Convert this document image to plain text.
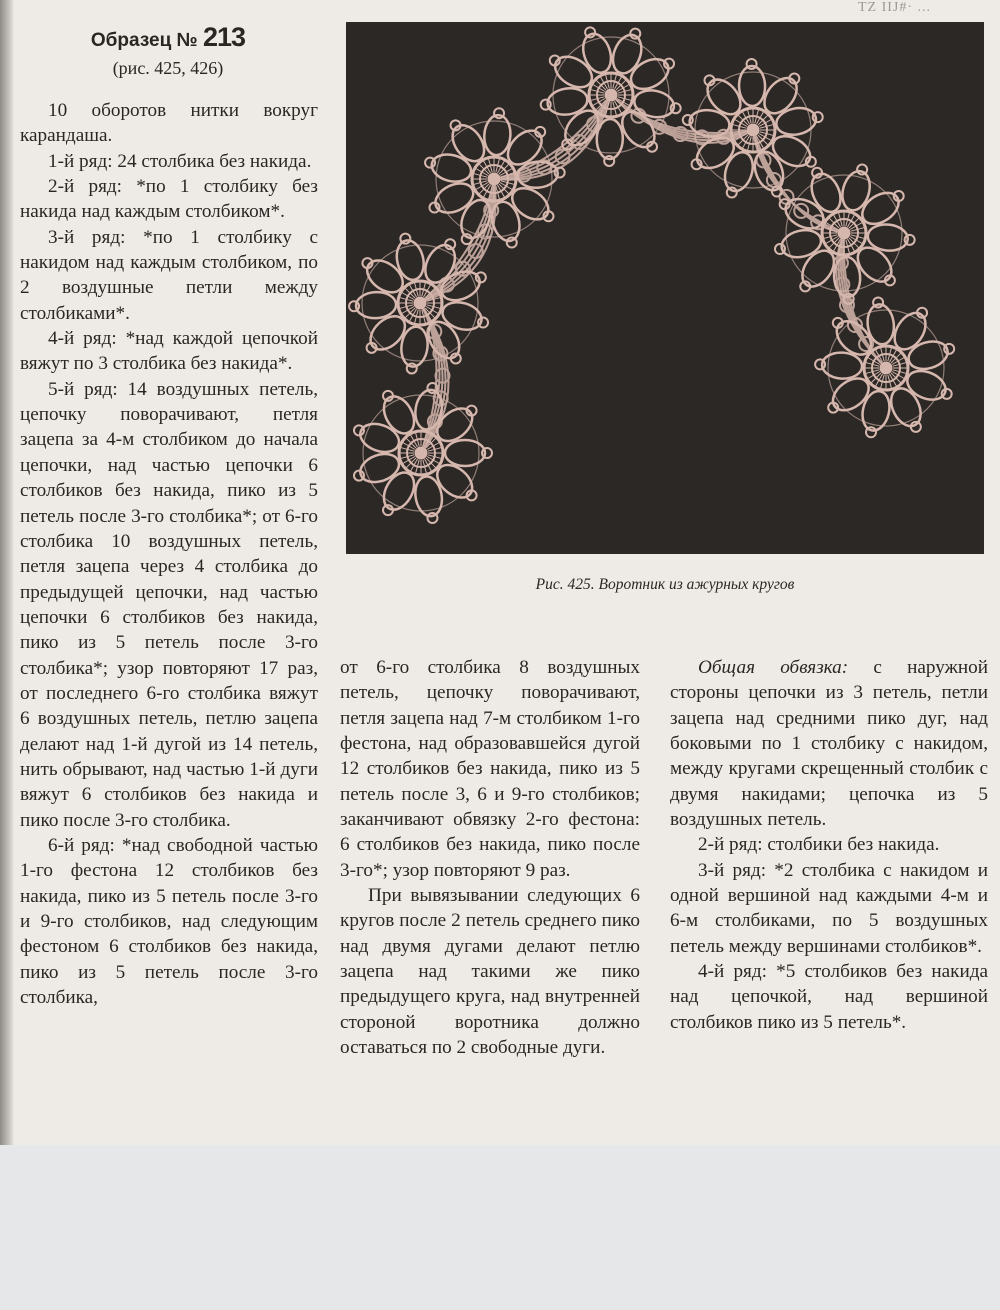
TZ IIJ#· ...
Образец № 213
(рис. 425, 426)

10 оборотов нитки вокруг карандаша.

1-й ряд: 24 столбика без накида.

2-й ряд: *по 1 столбику без накида над каждым столбиком*.

3-й ряд: *по 1 столбику с накидом над каждым столбиком, по 2 воздушные петли между столбиками*.

4-й ряд: *над каждой цепочкой вяжут по 3 столбика без накида*.

5-й ряд: 14 воздушных петель, цепочку поворачивают, петля зацепа за 4-м столбиком до начала цепочки, над частью цепочки 6 столбиков без накида, пико из 5 петель после 3-го столбика*; от 6-го столбика 10 воздушных петель, петля зацепа через 4 столбика до предыдущей цепочки, над частью цепочки 6 столбиков без накида, пико из 5 петель после 3-го столбика*; узор повторяют 17 раз, от последнего 6-го столбика вяжут 6 воздушных петель, петлю зацепа делают над 1-й дугой из 14 петель, нить обрывают, над частью 1-й дуги вяжут 6 столбиков без накида и пико после 3-го столбика.

6-й ряд: *над свободной частью 1-го фестона 12 столбиков без накида, пико из 5 петель после 3-го и 9-го столбиков, над следующим фестоном 6 столбиков без накида, пико из 5 петель после 3-го столбика,

Рис. 425. Воротник из ажурных кругов

от 6-го столбика 8 воздушных петель, цепочку поворачивают, петля зацепа над 7-м столбиком 1-го фестона, над образовавшейся дугой 12 столбиков без накида, пико из 5 петель после 3, 6 и 9-го столбиков; заканчивают обвязку 2-го фестона: 6 столбиков без накида, пико после 3-го*; узор повторяют 9 раз.

При вывязывании следующих 6 кругов после 2 петель среднего пико над двумя дугами делают петлю зацепа над такими же пико предыдущего круга, над внутренней стороной воротника должно оставаться по 2 свободные дуги.

Общая обвязка: с наружной стороны цепочки из 3 петель, петли зацепа над средними пико дуг, над боковыми по 1 столбику с накидом, между кругами скрещенный столбик с двумя накидами; цепочка из 5 воздушных петель.

2-й ряд: столбики без накида.

3-й ряд: *2 столбика с накидом и одной вершиной над каждыми 4-м и 6-м столбиками, по 5 воздушных петель между вершинами столбиков*.

4-й ряд: *5 столбиков без накида над цепочкой, над вершиной столбиков пико из 5 петель*.
